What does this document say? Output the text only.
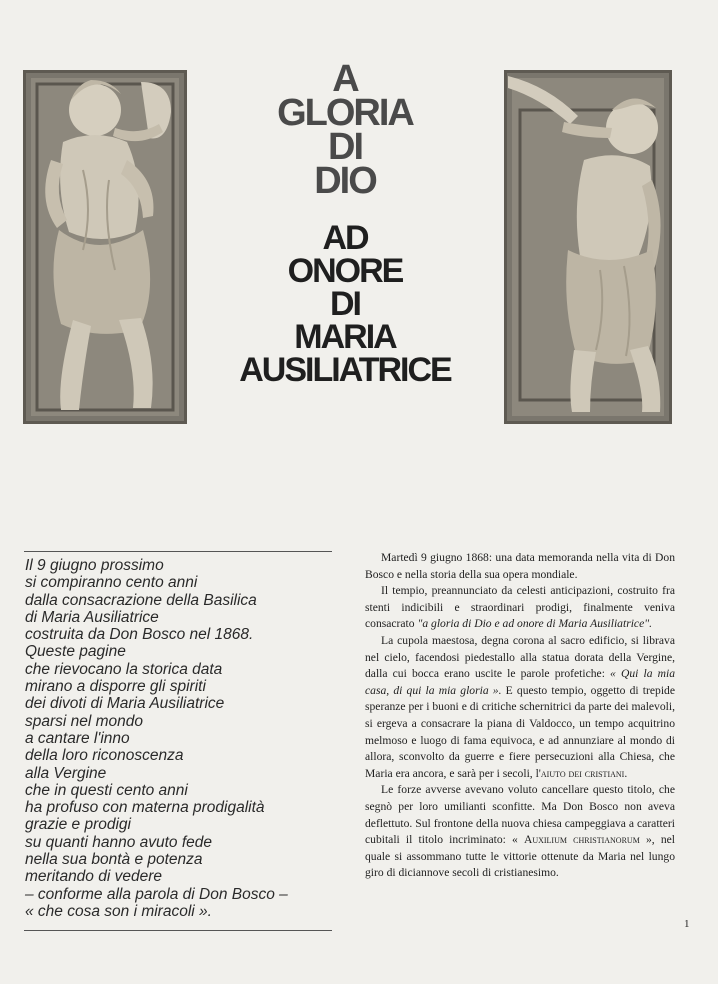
A
GLORIA
DI
DIO
AD
ONORE
DI
MARIA
AUSILIATRICE
Il 9 giugno prossimo
si compiranno cento anni
dalla consacrazione della Basilica
di Maria Ausiliatrice
costruita da Don Bosco nel 1868.
Queste pagine
che rievocano la storica data
mirano a disporre gli spiriti
dei divoti di Maria Ausiliatrice
sparsi nel mondo
a cantare l'inno
della loro riconoscenza
alla Vergine
che in questi cento anni
ha profuso con materna prodigalità
grazie e prodigi
su quanti hanno avuto fede
nella sua bontà e potenza
meritando di vedere
– conforme alla parola di Don Bosco –
« che cosa son i miracoli ».

Martedì 9 giugno 1868: una data memoranda nella vita di Don Bosco e nella storia della sua opera mondiale.

Il tempio, preannunciato da celesti anticipazioni, costruito fra stenti indicibili e straordinari prodigi, finalmente veniva consacrato "a gloria di Dio e ad onore di Maria Ausiliatrice".

La cupola maestosa, degna corona al sacro edificio, si librava nel cielo, facendosi piedestallo alla statua dorata della Vergine, dalla cui bocca erano uscite le parole profetiche: « Qui la mia casa, di qui la mia gloria ». E questo tempio, oggetto di trepide speranze per i buoni e di critiche schernitrici da parte dei malevoli, si ergeva a consacrare la piana di Valdocco, un tempo acquitrino melmoso e luogo di fama equivoca, e ad annunziare al mondo di allora, sconvolto da guerre e fiere persecuzioni alla Chiesa, che Maria era ancora, e sarà per i secoli, l'aiuto dei cristiani.

Le forze avverse avevano voluto cancellare questo titolo, che segnò per loro umilianti sconfitte. Ma Don Bosco non aveva deflettuto. Sul frontone della nuova chiesa campeggiava a caratteri cubitali il titolo incriminato: « Auxilium christianorum », nel quale si assommano tutte le vittorie ottenute da Maria nel lungo giro di diciannove secoli di cristianesimo.

1
